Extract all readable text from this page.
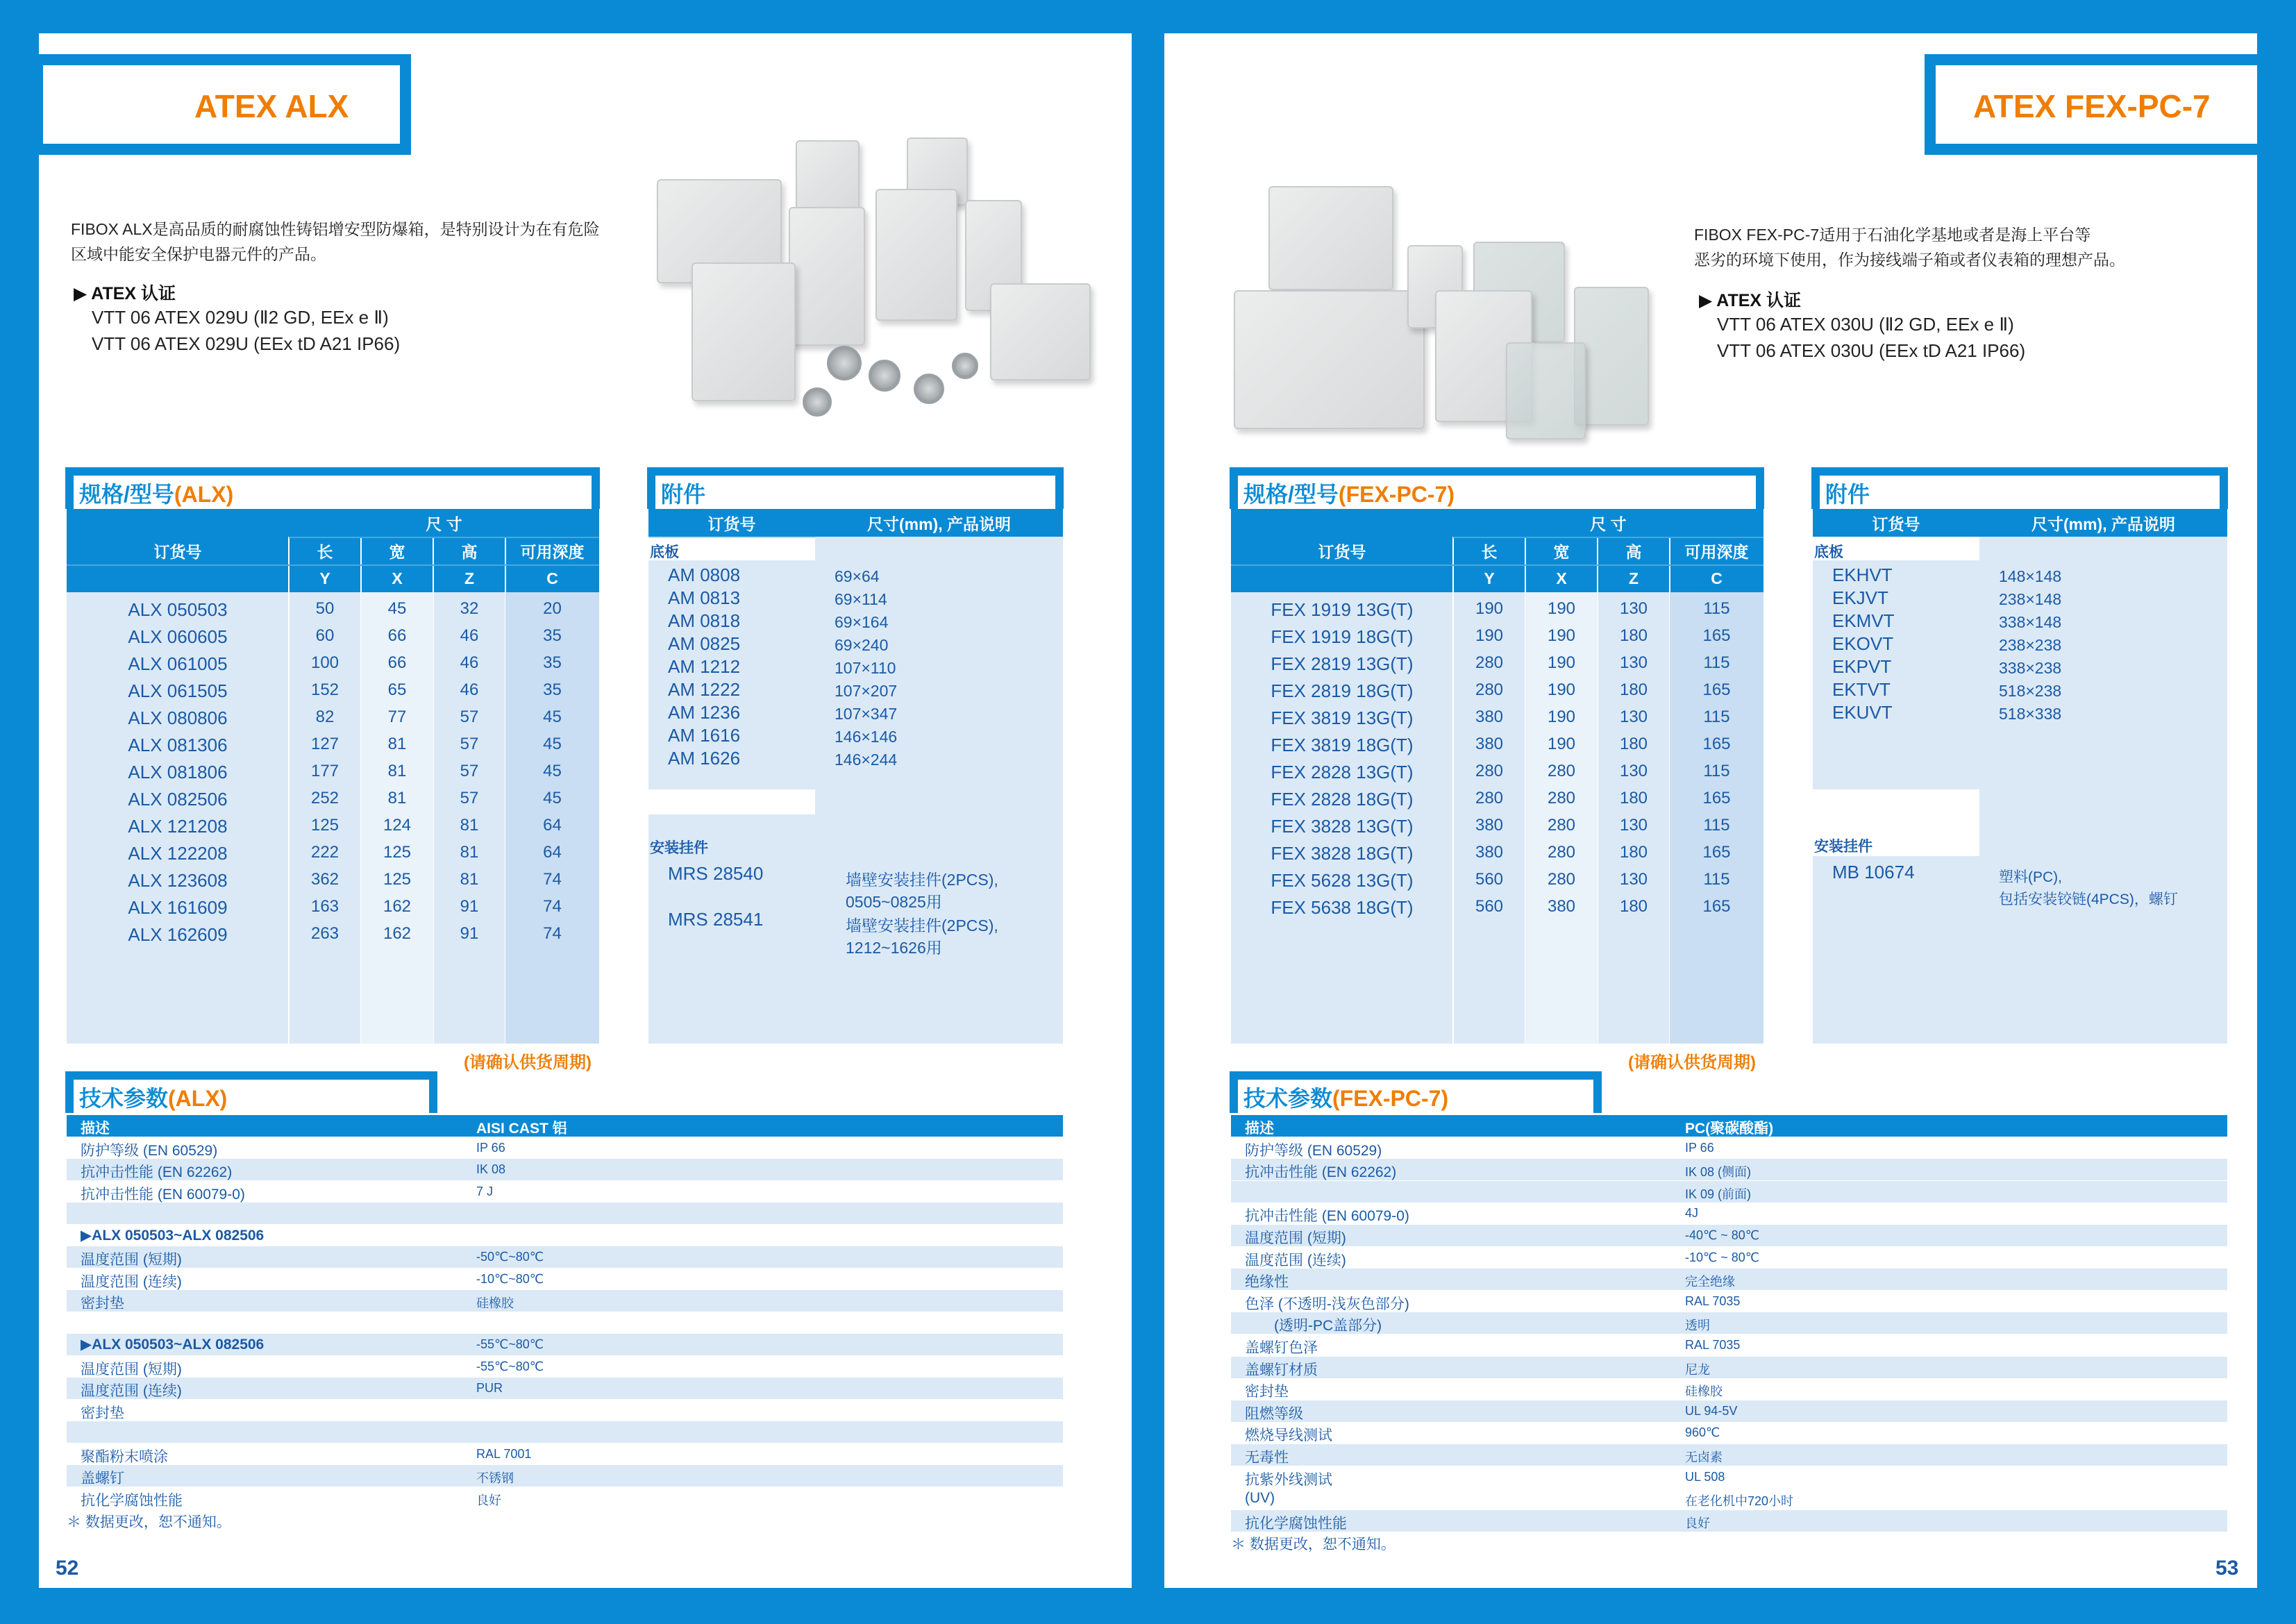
ATEX ALX
FIBOX ALX是高品质的耐腐蚀性铸铝增安型防爆箱，是特别设计为在有危险
区域中能安全保护电器元件的产品。
▶ ATEX 认证
VTT 06 ATEX 029U (Ⅱ2 GD, EEx e Ⅱ)
VTT 06 ATEX 029U (EEx tD A21 IP66)
规格/型号(ALX)
订货号
尺 寸
长	宽	高	可用深度
Y	X	Z	C
ALX 050503	50	45	32	20
ALX 060605	60	66	46	35
ALX 061005	100	66	46	35
ALX 061505	152	65	46	35
ALX 080806	82	77	57	45
ALX 081306	127	81	57	45
ALX 081806	177	81	57	45
ALX 082506	252	81	57	45
ALX 121208	125	124	81	64
ALX 122208	222	125	81	64
ALX 123608	362	125	81	74
ALX 161609	163	162	91	74
ALX 162609	263	162	91	74
(请确认供货周期)
附件
订货号	尺寸(mm), 产品说明
底板
AM 0808	69×64
AM 0813	69×114
AM 0818	69×164
AM 0825	69×240
AM 1212	107×110
AM 1222	107×207
AM 1236	107×347
AM 1616	146×146
AM 1626	146×244
安装挂件
MRS 28540	墙壁安装挂件(2PCS),
0505~0825用
MRS 28541	墙壁安装挂件(2PCS),
1212~1626用
技术参数(ALX)
描述	AISI CAST 铝
防护等级 (EN 60529)	IP 66
抗冲击性能 (EN 62262)	IK 08
抗冲击性能 (EN 60079-0)	7 J
▶ALX 050503~ALX 082506
温度范围 (短期)	-50℃~80℃
温度范围 (连续)	-10℃~80℃
密封垫	硅橡胶
▶ALX 050503~ALX 082506	-55℃~80℃
温度范围 (短期)	-55℃~80℃
温度范围 (连续)	PUR
密封垫
聚酯粉末喷涂	RAL 7001
盖螺钉	不锈钢
抗化学腐蚀性能	良好
＊ 数据更改，恕不通知。
52
ATEX FEX-PC-7
FIBOX FEX-PC-7适用于石油化学基地或者是海上平台等
恶劣的环境下使用，作为接线端子箱或者仪表箱的理想产品。
▶ ATEX 认证
VTT 06 ATEX 030U (Ⅱ2 GD, EEx e Ⅱ)
VTT 06 ATEX 030U (EEx tD A21 IP66)
规格/型号(FEX-PC-7)
订货号
尺 寸
长	宽	高	可用深度
Y	X	Z	C
FEX 1919 13G(T)	190	190	130	115
FEX 1919 18G(T)	190	190	180	165
FEX 2819 13G(T)	280	190	130	115
FEX 2819 18G(T)	280	190	180	165
FEX 3819 13G(T)	380	190	130	115
FEX 3819 18G(T)	380	190	180	165
FEX 2828 13G(T)	280	280	130	115
FEX 2828 18G(T)	280	280	180	165
FEX 3828 13G(T)	380	280	130	115
FEX 3828 18G(T)	380	280	180	165
FEX 5628 13G(T)	560	280	130	115
FEX 5638 18G(T)	560	380	180	165
(请确认供货周期)
附件
订货号	尺寸(mm), 产品说明
底板
EKHVT	148×148
EKJVT	238×148
EKMVT	338×148
EKOVT	238×238
EKPVT	338×238
EKTVT	518×238
EKUVT	518×338
安装挂件
MB 10674	塑料(PC),
包括安装铰链(4PCS)，螺钉
技术参数(FEX-PC-7)
描述	PC(聚碳酸酯)
防护等级 (EN 60529)	IP 66
抗冲击性能 (EN 62262)	IK 08 (侧面)
IK 09 (前面)
抗冲击性能 (EN 60079-0)	4J
温度范围 (短期)	-40℃ ~ 80℃
温度范围 (连续)	-10℃ ~ 80℃
绝缘性	完全绝缘
色泽 (不透明-浅灰色部分)	RAL 7035
　　(透明-PC盖部分)	透明
盖螺钉色泽	RAL 7035
盖螺钉材质	尼龙
密封垫	硅橡胶
阻燃等级	UL 94-5V
燃烧导线测试	960℃
无毒性	无卤素
抗紫外线测试	UL 508
(UV)	在老化机中720小时
抗化学腐蚀性能	良好
＊ 数据更改，恕不通知。
53
